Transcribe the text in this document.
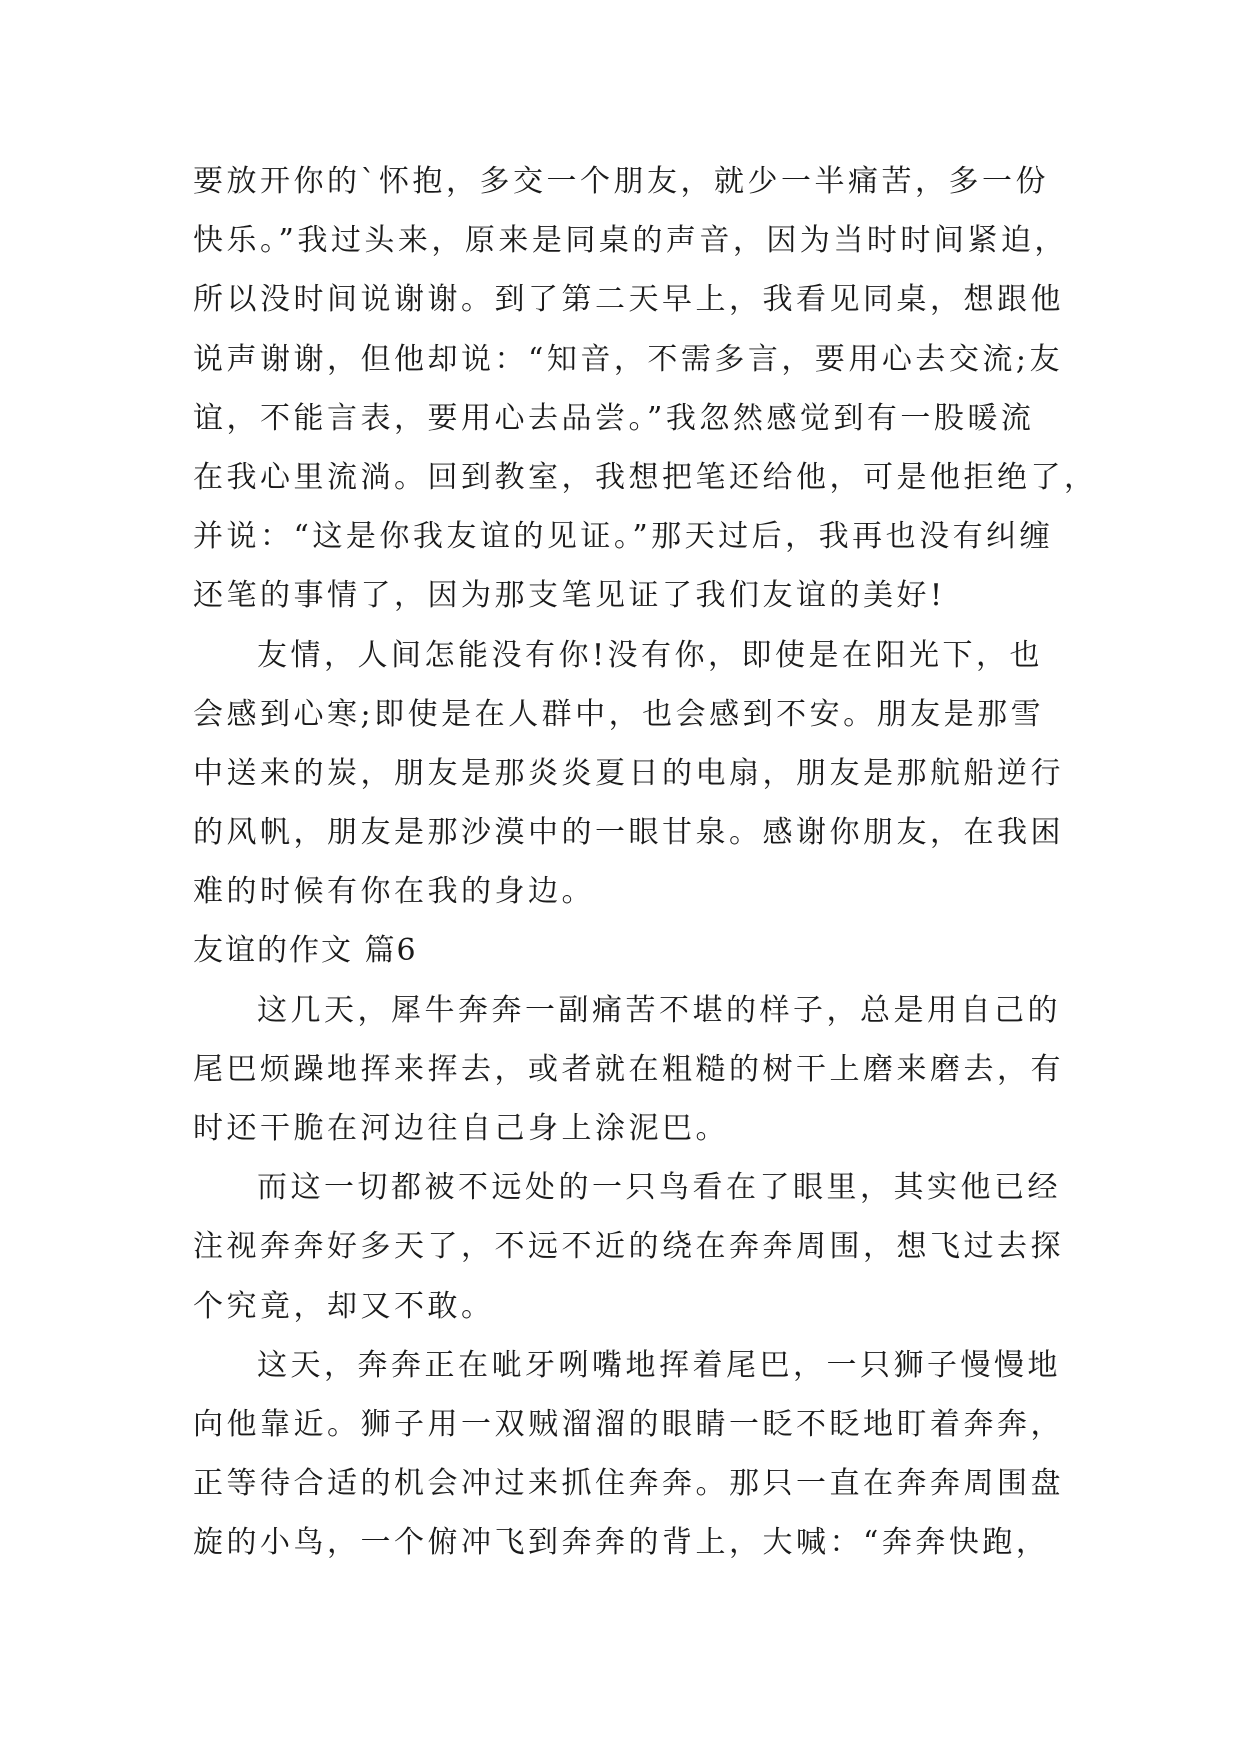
要放开你的`怀抱，多交一个朋友，就少一半痛苦，多一份
快乐。”我过头来，原来是同桌的声音，因为当时时间紧迫，
所以没时间说谢谢。到了第二天早上，我看见同桌，想跟他
说声谢谢，但他却说：“知音，不需多言，要用心去交流;友
谊，不能言表，要用心去品尝。”我忽然感觉到有一股暖流
在我心里流淌。回到教室，我想把笔还给他，可是他拒绝了，
并说：“这是你我友谊的见证。”那天过后，我再也没有纠缠
还笔的事情了，因为那支笔见证了我们友谊的美好!
友情，人间怎能没有你!没有你，即使是在阳光下，也
会感到心寒;即使是在人群中，也会感到不安。朋友是那雪
中送来的炭，朋友是那炎炎夏日的电扇，朋友是那航船逆行
的风帆，朋友是那沙漠中的一眼甘泉。感谢你朋友，在我困
难的时候有你在我的身边。
友谊的作文 篇6
这几天，犀牛奔奔一副痛苦不堪的样子，总是用自己的
尾巴烦躁地挥来挥去，或者就在粗糙的树干上磨来磨去，有
时还干脆在河边往自己身上涂泥巴。
而这一切都被不远处的一只鸟看在了眼里，其实他已经
注视奔奔好多天了，不远不近的绕在奔奔周围，想飞过去探
个究竟，却又不敢。
这天，奔奔正在呲牙咧嘴地挥着尾巴，一只狮子慢慢地
向他靠近。狮子用一双贼溜溜的眼睛一眨不眨地盯着奔奔，
正等待合适的机会冲过来抓住奔奔。那只一直在奔奔周围盘
旋的小鸟，一个俯冲飞到奔奔的背上，大喊：“奔奔快跑，
